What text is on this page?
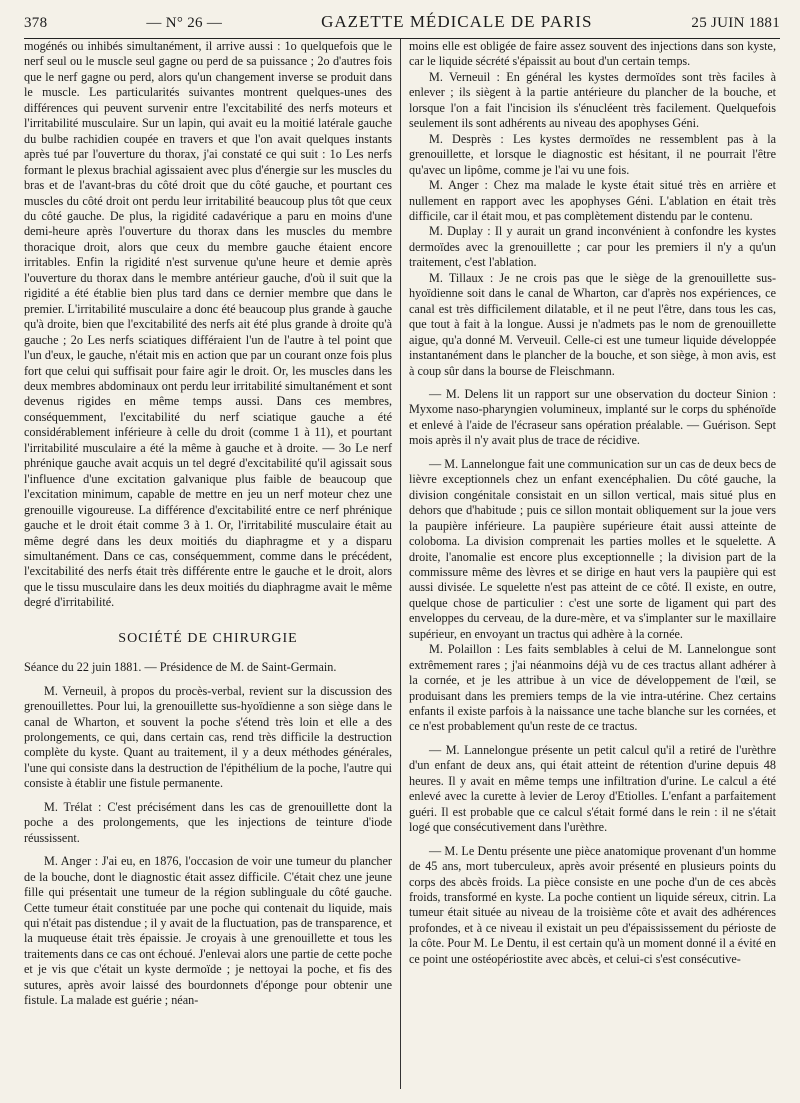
378	— N° 26 —	GAZETTE MÉDICALE DE PARIS	25 JUIN 1881

mogénés ou inhibés simultanément, il arrive aussi : 1o quelquefois que le nerf seul ou le muscle seul gagne ou perd de sa puissance ; 2o d'autres fois que le nerf gagne ou perd, alors qu'un changement inverse se produit dans le muscle. Les particularités suivantes montrent quelques-unes des différences qui peuvent survenir entre l'excitabilité des nerfs moteurs et l'irritabilité musculaire. Sur un lapin, qui avait eu la moitié latérale gauche du bulbe rachidien coupée en travers et que l'on avait quelques instants après tué par l'ouverture du thorax, j'ai constaté ce qui suit : 1o Les nerfs formant le plexus brachial agissaient avec plus d'énergie sur les muscles du bras et de l'avant-bras du côté droit que du côté gauche, et pourtant ces muscles du côté droit ont perdu leur irritabilité beaucoup plus tôt que ceux du côté gauche. De plus, la rigidité cadavérique a paru en moins d'une demi-heure après l'ouverture du thorax dans les muscles du membre thoracique droit, alors que ceux du membre gauche étaient encore irritables. Enfin la rigidité n'est survenue qu'une heure et demie après l'ouverture du thorax dans le membre antérieur gauche, d'où il suit que la rigidité a été établie bien plus tard dans ce dernier membre que dans le premier. L'irritabilité musculaire a donc été beaucoup plus grande à gauche qu'à droite, bien que l'excitabilité des nerfs ait été plus grande à droite qu'à gauche ; 2o Les nerfs sciatiques différaient l'un de l'autre à tel point que l'un d'eux, le gauche, n'était mis en action que par un courant onze fois plus fort que celui qui suffisait pour faire agir le droit. Or, les muscles dans les deux membres abdominaux ont perdu leur irritabilité simultanément et sont devenus rigides en même temps aussi. Dans ces membres, conséquemment, l'excitabilité du nerf sciatique gauche a été considérablement inférieure à celle du droit (comme 1 à 11), et pourtant l'irritabilité musculaire a été la même à gauche et à droite. — 3o Le nerf phrénique gauche avait acquis un tel degré d'excitabilité qu'il agissait sous l'influence d'une excitation galvanique plus faible de beaucoup que l'excitation minimum, capable de mettre en jeu un nerf moteur chez une grenouille vigoureuse. La différence d'excitabilité entre ce nerf phrénique gauche et le droit était comme 3 à 1. Or, l'irritabilité musculaire était au même degré dans les deux moitiés du diaphragme et y a disparu simultanément. Dans ce cas, conséquemment, comme dans le précédent, l'excitabilité des nerfs était très différente entre le gauche et le droit, alors que le tissu musculaire dans les deux moitiés du diaphragme avait le même degré d'irritabilité.

SOCIÉTÉ DE CHIRURGIE

Séance du 22 juin 1881. — Présidence de M. de Saint-Germain.

M. Verneuil, à propos du procès-verbal, revient sur la discussion des grenouillettes. Pour lui, la grenouillette sus-hyoïdienne a son siège dans le canal de Wharton, et souvent la poche s'étend très loin et elle a des prolongements, ce qui, dans certain cas, rend très difficile la destruction complète du kyste. Quant au traitement, il y a deux méthodes générales, l'une qui consiste dans la destruction de l'épithélium de la poche, l'autre qui consiste à établir une fistule permanente.

M. Trélat : C'est précisément dans les cas de grenouillette dont la poche a des prolongements, que les injections de teinture d'iode réussissent.

M. Anger : J'ai eu, en 1876, l'occasion de voir une tumeur du plancher de la bouche, dont le diagnostic était assez difficile. C'était chez une jeune fille qui présentait une tumeur de la région sublinguale du côté gauche. Cette tumeur était constituée par une poche qui contenait du liquide, mais qui n'était pas distendue ; il y avait de la fluctuation, pas de transparence, et la muqueuse était très épaissie. Je croyais à une grenouillette et tous les traitements dans ce cas ont échoué. J'enlevai alors une partie de cette poche et je vis que c'était un kyste dermoïde ; je nettoyai la poche, et fis des sutures, après avoir laissé des bourdonnets d'éponge pour obtenir une fistule. La malade est guérie ; néan-

moins elle est obligée de faire assez souvent des injections dans son kyste, car le liquide sécrété s'épaissit au bout d'un certain temps.

M. Verneuil : En général les kystes dermoïdes sont très faciles à enlever ; ils siègent à la partie antérieure du plancher de la bouche, et lorsque l'on a fait l'incision ils s'énucléent très facilement. Quelquefois seulement ils sont adhérents au niveau des apophyses Géni.

M. Desprès : Les kystes dermoïdes ne ressemblent pas à la grenouillette, et lorsque le diagnostic est hésitant, il ne pourrait l'être qu'avec un lipôme, comme je l'ai vu une fois.

M. Anger : Chez ma malade le kyste était situé très en arrière et nullement en rapport avec les apophyses Géni. L'ablation en était très difficile, car il était mou, et pas complètement distendu par le contenu.

M. Duplay : Il y aurait un grand inconvénient à confondre les kystes dermoïdes avec la grenouillette ; car pour les premiers il n'y a qu'un traitement, c'est l'ablation.

M. Tillaux : Je ne crois pas que le siège de la grenouillette sus-hyoïdienne soit dans le canal de Wharton, car d'après nos expériences, ce canal est très difficilement dilatable, et il ne peut l'être, dans tous les cas, que tout à fait à la longue. Aussi je n'admets pas le nom de grenouillette aigue, qu'a donné M. Verveuil. Celle-ci est une tumeur liquide développée instantanément dans le plancher de la bouche, et son siège, à mon avis, est à coup sûr dans la bourse de Fleischmann.

— M. Delens lit un rapport sur une observation du docteur Sinion : Myxome naso-pharyngien volumineux, implanté sur le corps du sphénoïde et enlevé à l'aide de l'écraseur sans opération préalable. — Guérison. Sept mois après il n'y avait plus de trace de récidive.

— M. Lannelongue fait une communication sur un cas de deux becs de lièvre exceptionnels chez un enfant exencéphalien. Du côté gauche, la division congénitale consistait en un sillon vertical, mais situé plus en dehors que d'habitude ; puis ce sillon montait obliquement sur la joue vers la paupière inférieure. La paupière supérieure était aussi atteinte de coloboma. La division comprenait les parties molles et le squelette. A droite, l'anomalie est encore plus exceptionnelle ; la division part de la commissure même des lèvres et se dirige en haut vers la paupière qui est aussi divisée. Le squelette n'est pas atteint de ce côté. Il existe, en outre, quelque chose de particulier : c'est une sorte de ligament qui part des enveloppes du cerveau, de la dure-mère, et va s'implanter sur le maxillaire supérieur, en envoyant un tractus qui adhère à la cornée.

M. Polaillon : Les faits semblables à celui de M. Lannelongue sont extrêmement rares ; j'ai néanmoins déjà vu de ces tractus allant adhérer à la cornée, et je les attribue à un vice de développement de l'œil, se produisant dans les premiers temps de la vie intra-utérine. Chez certains enfants il existe parfois à la naissance une tache blanche sur les cornées, et ce n'est probablement qu'un reste de ce tractus.

— M. Lannelongue présente un petit calcul qu'il a retiré de l'urèthre d'un enfant de deux ans, qui était atteint de rétention d'urine depuis 48 heures. Il y avait en même temps une infiltration d'urine. Le calcul a été enlevé avec la curette à levier de Leroy d'Etiolles. L'enfant a parfaitement guéri. Il est probable que ce calcul s'était formé dans le rein : il ne s'était logé que consécutivement dans l'urèthre.

— M. Le Dentu présente une pièce anatomique provenant d'un homme de 45 ans, mort tuberculeux, après avoir présenté en plusieurs points du corps des abcès froids. La pièce consiste en une poche d'un de ces abcès froids, transformé en kyste. La poche contient un liquide séreux, citrin. La tumeur était située au niveau de la troisième côte et avait des adhérences profondes, et à ce niveau il existait un peu d'épaississement du périoste de la côte. Pour M. Le Dentu, il est certain qu'à un moment donné il a évité en ce point une ostéopériostite avec abcès, et celui-ci s'est consécutive-
